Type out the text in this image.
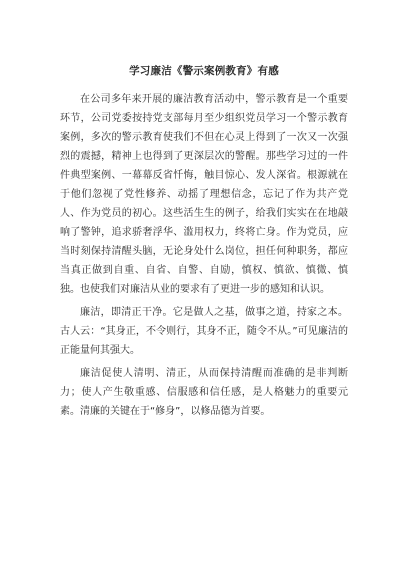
学习廉洁《警示案例教育》有感

在公司多年来开展的廉洁教育活动中，警示教育是一个重要环节，公司党委按持党支部每月至少组织党员学习一个警示教育案例，多次的警示教育使我们不但在心灵上得到了一次又一次强烈的震撼，精神上也得到了更深层次的警醒。那些学习过的一件件典型案例、一幕幕反省忏悔，触目惊心、发人深省。根源就在于他们忽视了党性修养、动摇了理想信念，忘记了作为共产党人、作为党员的初心。这些活生生的例子，给我们实实在在地敲响了警钟，追求骄奢浮华、滥用权力，终将亡身。作为党员，应当时刻保持清醒头脑，无论身处什么岗位，担任何种职务，都应当真正做到自重、自省、自警、自励，慎权、慎欲、慎微、慎独。也使我们对廉洁从业的要求有了更进一步的感知和认识。

廉洁，即清正干净。它是做人之基，做事之道，持家之本。古人云：“其身正，不令则行，其身不正，随令不从。”可见廉洁的正能量何其强大。

廉洁促使人清明、清正，从而保持清醒而准确的是非判断力；使人产生敬重感、信服感和信任感，是人格魅力的重要元素。清廉的关键在于“修身”，以修品德为首要。
